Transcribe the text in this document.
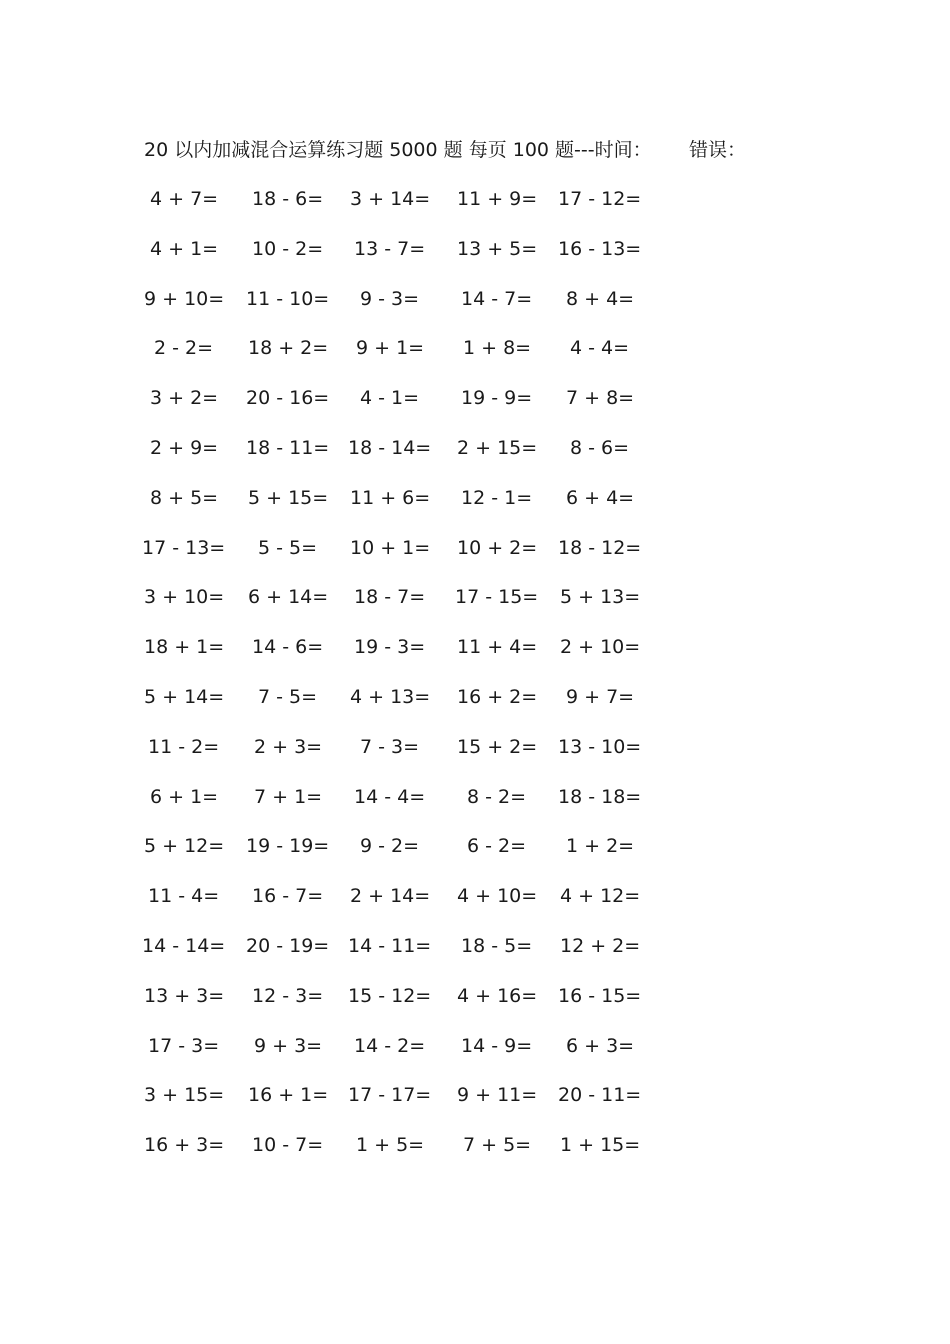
20 以内加减混合运算练习题 5000 题 每页 100 题---时间： 错误：
4 + 7= 18 - 6= 3 + 14= 11 + 9= 17 - 12=
4 + 1= 10 - 2= 13 - 7= 13 + 5= 16 - 13=
9 + 10= 11 - 10= 9 - 3= 14 - 7= 8 + 4=
2 - 2= 18 + 2= 9 + 1= 1 + 8= 4 - 4=
3 + 2= 20 - 16= 4 - 1= 19 - 9= 7 + 8=
2 + 9= 18 - 11= 18 - 14= 2 + 15= 8 - 6=
8 + 5= 5 + 15= 11 + 6= 12 - 1= 6 + 4=
17 - 13= 5 - 5= 10 + 1= 10 + 2= 18 - 12=
3 + 10= 6 + 14= 18 - 7= 17 - 15= 5 + 13=
18 + 1= 14 - 6= 19 - 3= 11 + 4= 2 + 10=
5 + 14= 7 - 5= 4 + 13= 16 + 2= 9 + 7=
11 - 2= 2 + 3= 7 - 3= 15 + 2= 13 - 10=
6 + 1= 7 + 1= 14 - 4= 8 - 2= 18 - 18=
5 + 12= 19 - 19= 9 - 2=	6 - 2= 1 + 2=
11 - 4= 16 - 7= 2 + 14= 4 + 10= 4 + 12=
14 - 14= 20 - 19= 14 - 11= 18 - 5= 12 + 2=
13 + 3= 12 - 3= 15 - 12= 4 + 16= 16 - 15=
17 - 3= 9 + 3= 14 - 2= 14 - 9= 6 + 3=
3 + 15= 16 + 1= 17 - 17= 9 + 11= 20 - 11=
16 + 3= 10 - 7= 1 + 5= 7 + 5= 1 + 15=
